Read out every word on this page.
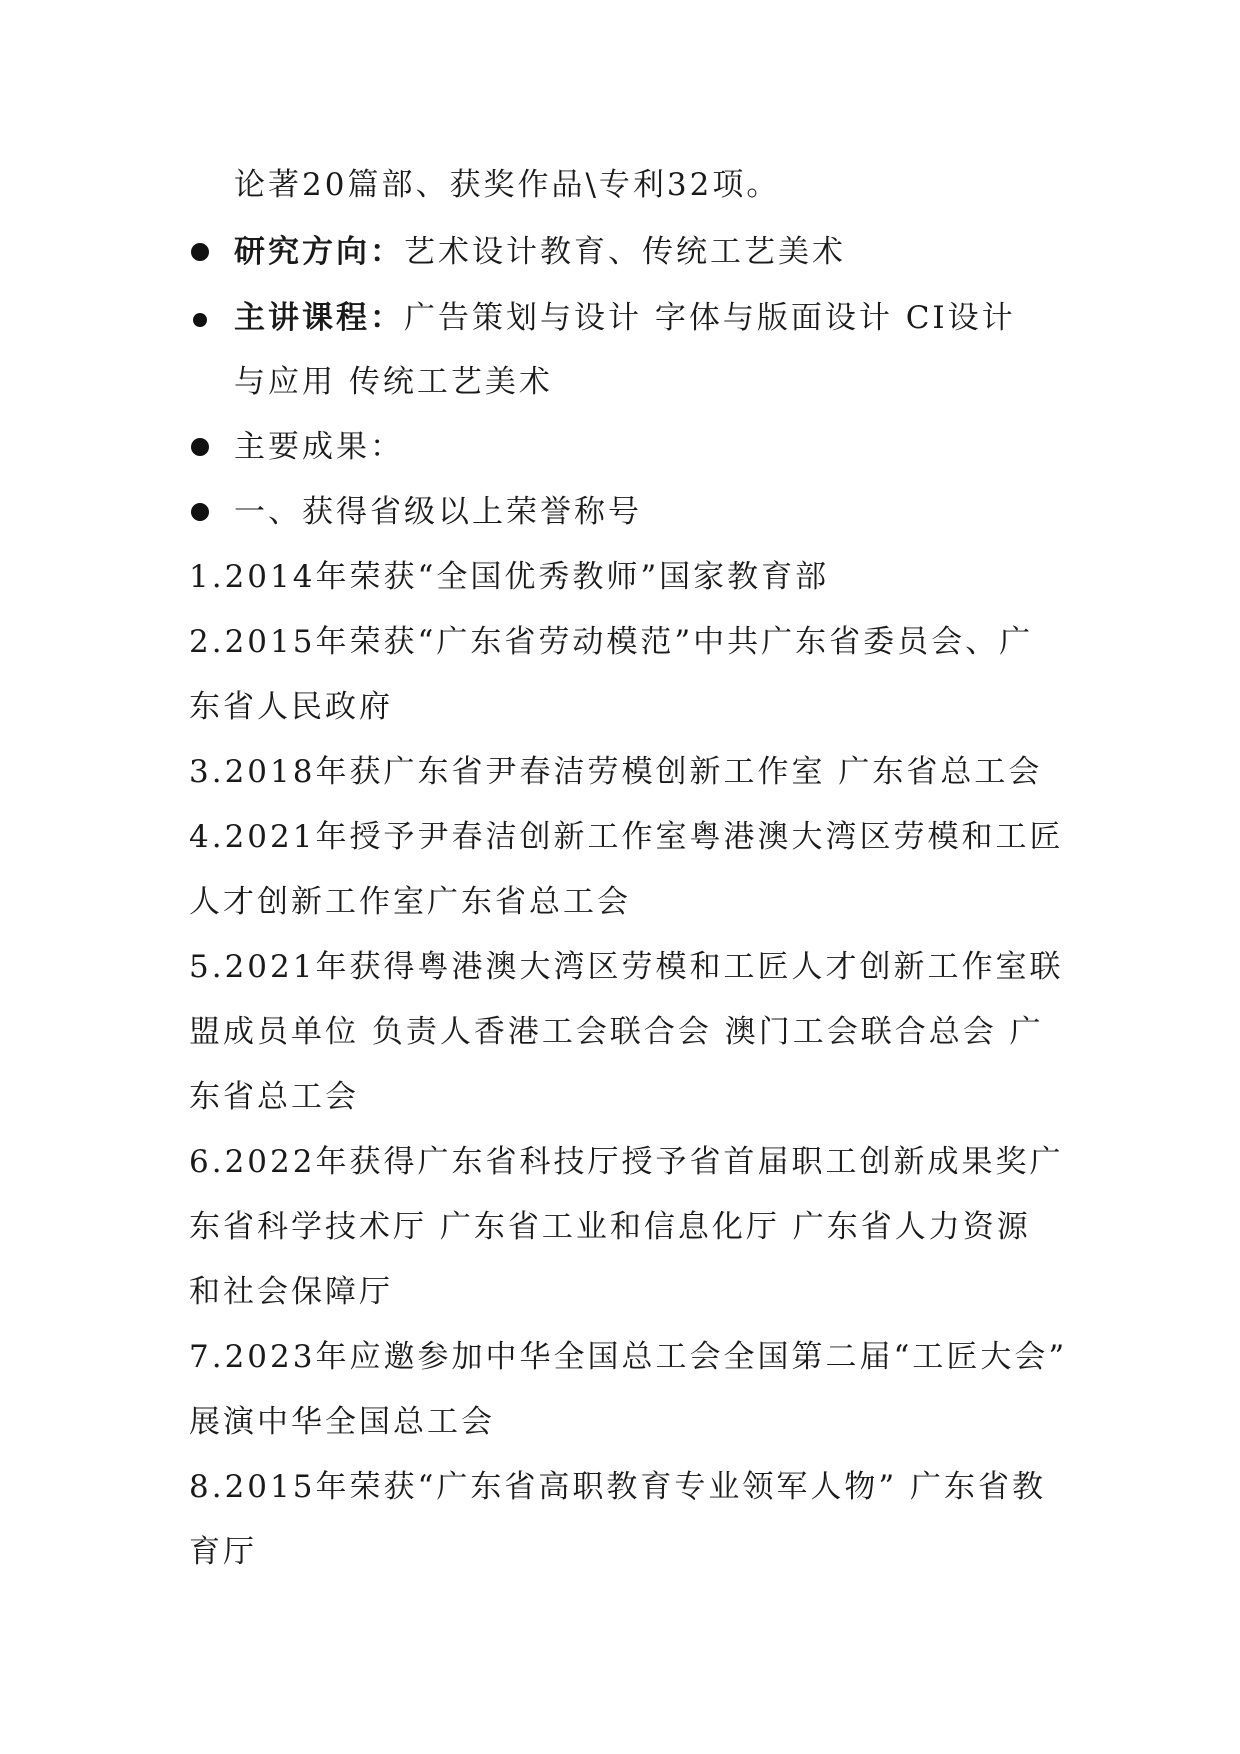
论著20篇部、获奖作品\专利32项。
研究方向：艺术设计教育、传统工艺美术
主讲课程：广告策划与设计 字体与版面设计 CI设计
与应用 传统工艺美术
主要成果：
一、获得省级以上荣誉称号
1.2014年荣获“全国优秀教师”国家教育部
2.2015年荣获“广东省劳动模范”中共广东省委员会、广
东省人民政府
3.2018年获广东省尹春洁劳模创新工作室 广东省总工会
4.2021年授予尹春洁创新工作室粤港澳大湾区劳模和工匠
人才创新工作室广东省总工会
5.2021年获得粤港澳大湾区劳模和工匠人才创新工作室联
盟成员单位 负责人香港工会联合会 澳门工会联合总会 广
东省总工会
6.2022年获得广东省科技厅授予省首届职工创新成果奖广
东省科学技术厅 广东省工业和信息化厅 广东省人力资源
和社会保障厅
7.2023年应邀参加中华全国总工会全国第二届“工匠大会”
展演中华全国总工会
8.2015年荣获“广东省高职教育专业领军人物” 广东省教
育厅
